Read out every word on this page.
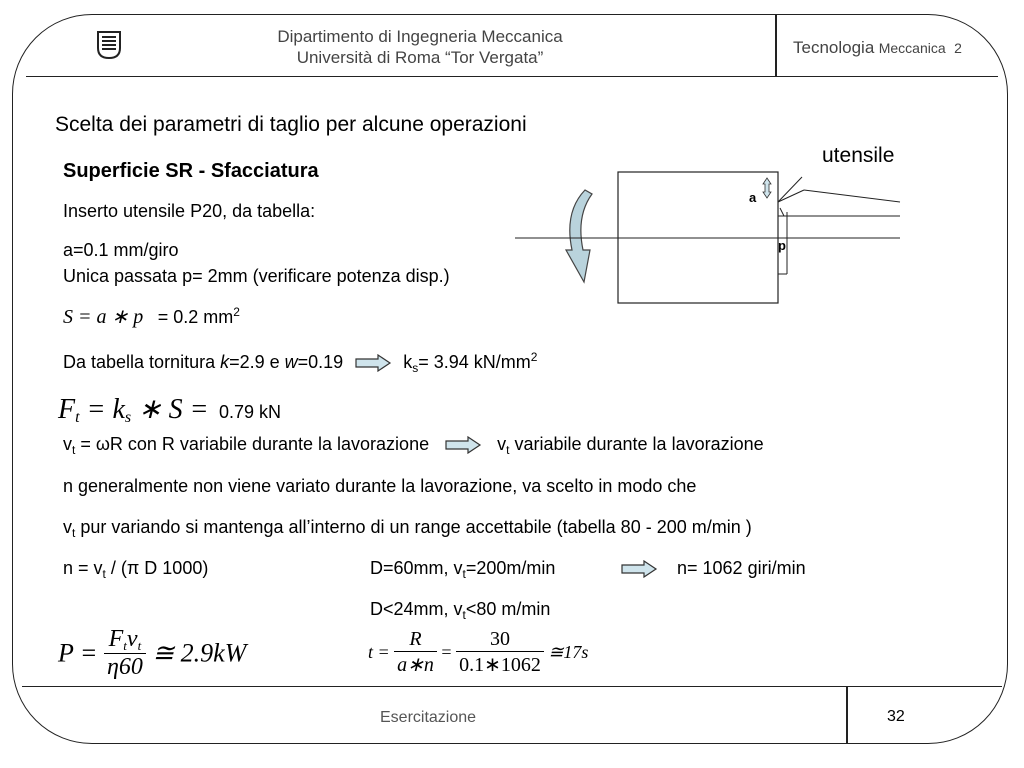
Dipartimento di Ingegneria Meccanica
Università di Roma “Tor Vergata”
Tecnologia Meccanica 2
Scelta dei parametri di taglio per alcune operazioni
Superficie SR - Sfacciatura
Inserto utensile P20, da tabella:
a=0.1 mm/giro
Unica passata p= 2mm (verificare potenza disp.)
S = a ∗ p = 0.2 $mm^2$
Da tabella tornitura k=2.9 e w=0.19	$k_s= 3.94$ $kN/mm^2$
$F_t = k_s$ ∗ S = 0.79 kN
$v_t = \omega R$ con R variabile durante la lavorazione	$v_t$ variabile durante la lavorazione
n generalmente non viene variato durante la lavorazione, va scelto in modo che
$v_t$ pur variando si mantenga all’interno di un range accettabile (tabella 80 - 200 m/min )
$n = v_t / (\pi$ D 1000)	D=60mm, $v_t=200m/\min$	n= 1062 giri/min
D<24mm, $v_t<80$ m/min
$P = \frac{F_tv_t}{\eta 60}$ ≅ 2.9kW	$t = \frac{R}{a∗n} = \frac{30}{0.1∗1062}$ ≅17s
utensile
a
p
Esercitazione	32
